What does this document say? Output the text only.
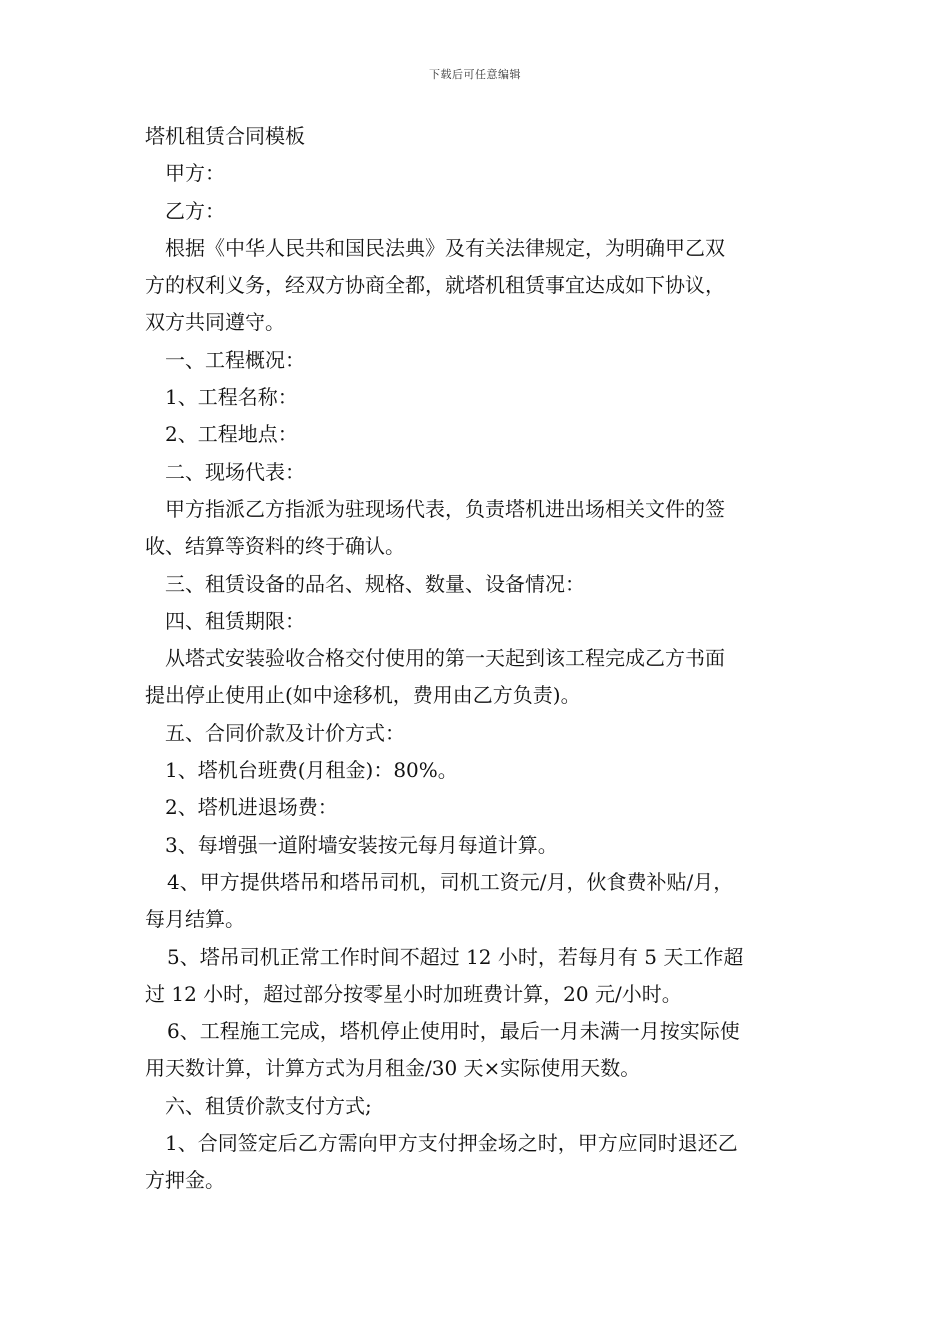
下载后可任意编辑
塔机租赁合同模板
甲方：
乙方：
根据《中华人民共和国民法典》及有关法律规定，为明确甲乙双
方的权利义务，经双方协商全都，就塔机租赁事宜达成如下协议，
双方共同遵守。
一、工程概况：
1、工程名称：
2、工程地点：
二、现场代表：
甲方指派乙方指派为驻现场代表，负责塔机进出场相关文件的签
收、结算等资料的终于确认。
三、租赁设备的品名、规格、数量、设备情况：
四、租赁期限：
从塔式安装验收合格交付使用的第一天起到该工程完成乙方书面
提出停止使用止(如中途移机，费用由乙方负责)。
五、合同价款及计价方式：
1、塔机台班费(月租金)：80%。
2、塔机进退场费：
3、每增强一道附墙安装按元每月每道计算。
4、甲方提供塔吊和塔吊司机，司机工资元/月，伙食费补贴/月，
每月结算。
5、塔吊司机正常工作时间不超过 12 小时，若每月有 5 天工作超
过 12 小时，超过部分按零星小时加班费计算，20 元/小时。
6、工程施工完成，塔机停止使用时，最后一月未满一月按实际使
用天数计算，计算方式为月租金/30 天×实际使用天数。
六、租赁价款支付方式;
1、合同签定后乙方需向甲方支付押金场之时，甲方应同时退还乙
方押金。
